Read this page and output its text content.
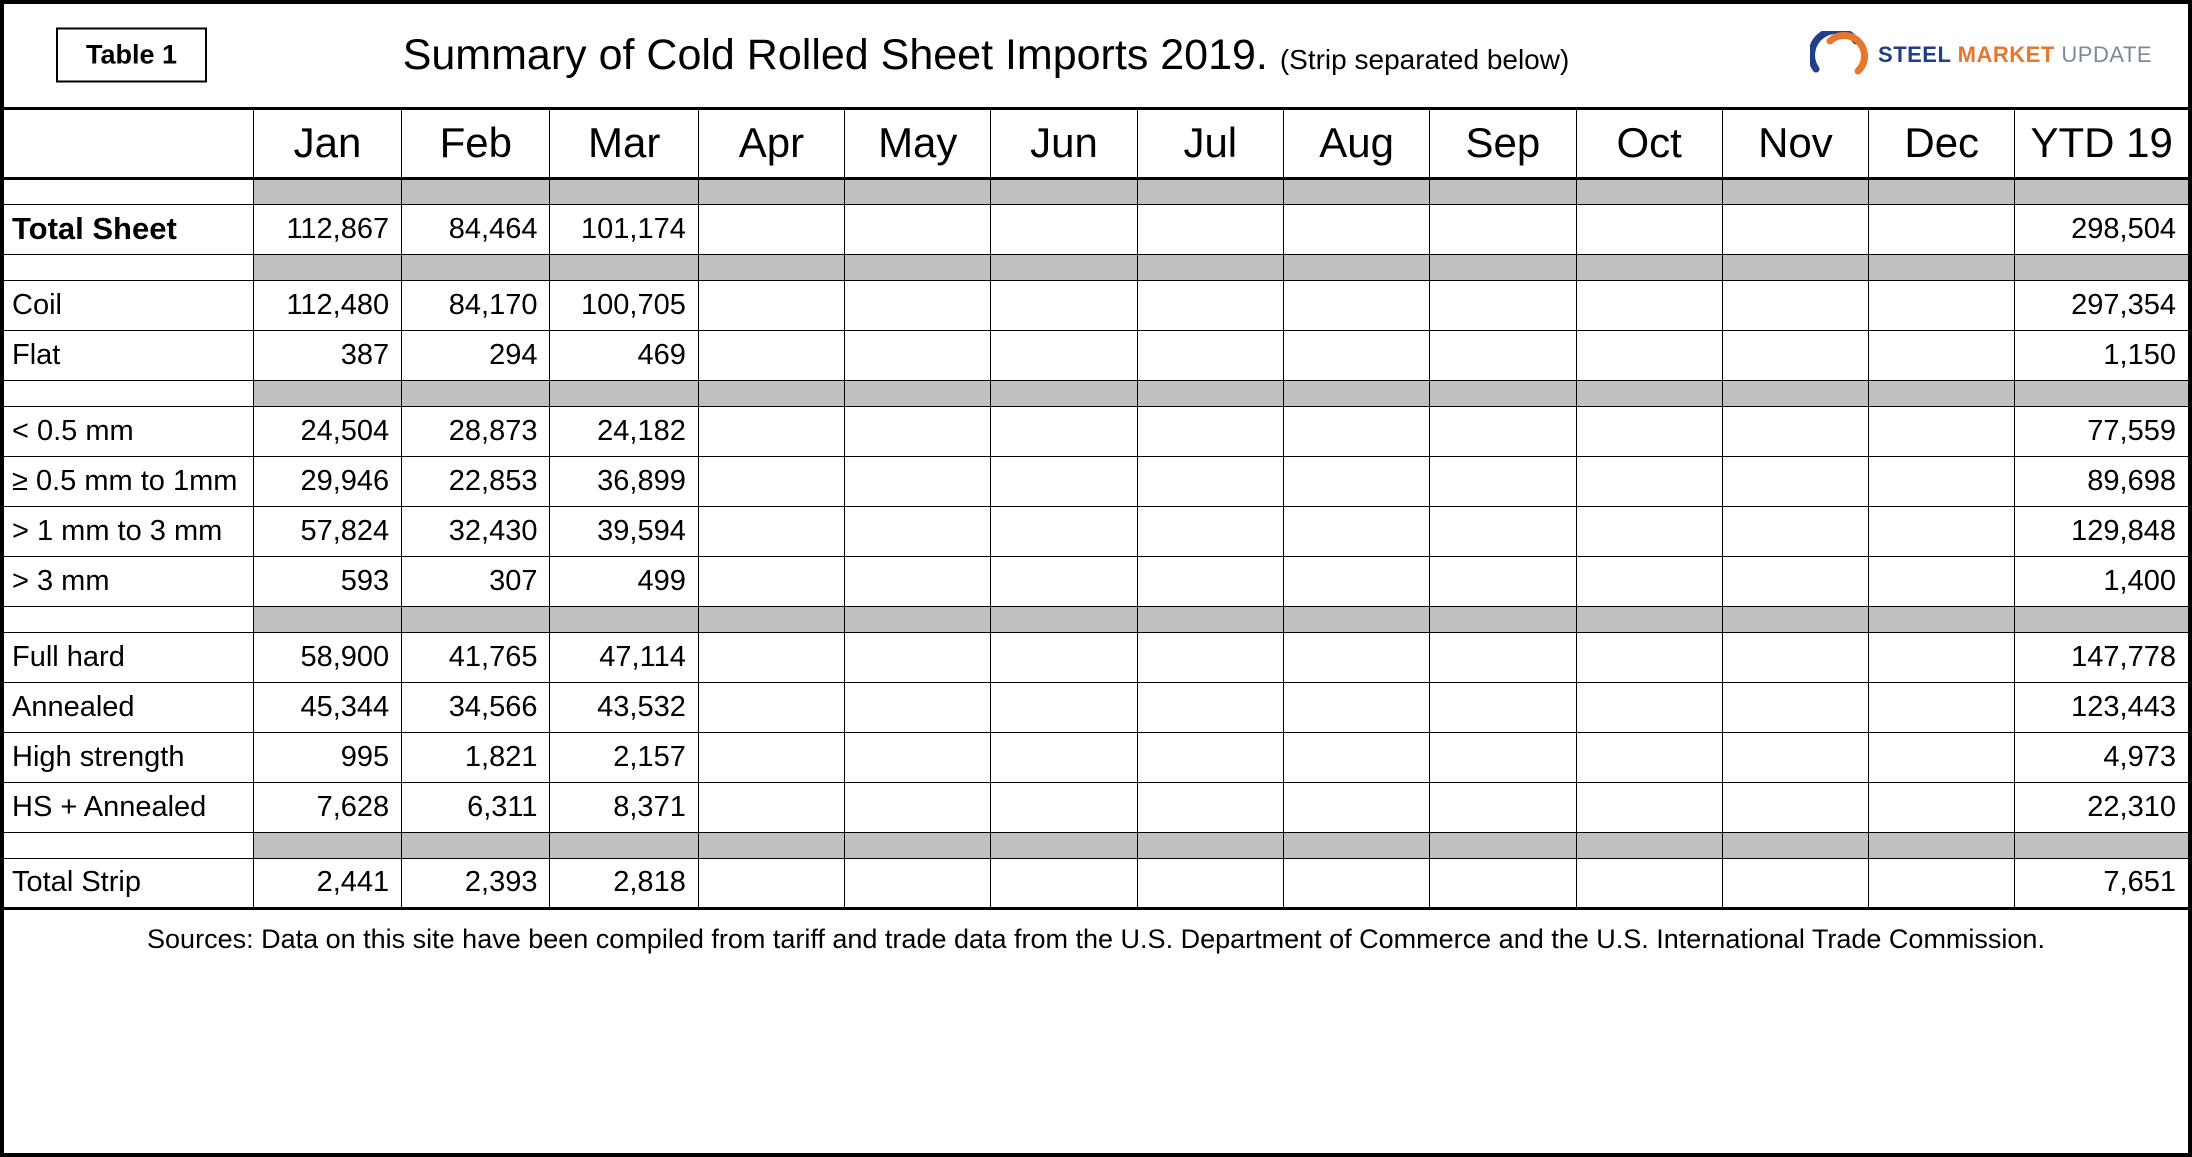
Table 1 Summary of Cold Rolled Sheet Imports 2019. (Strip separated below) STEEL MARKET UPDATE													

	Jan	Feb	Mar	Apr	May	Jun	Jul	Aug	Sep	Oct	Nov	Dec	YTD 19

Total Sheet	112,867	84,464	101,174										298,504

Coil	112,480	84,170	100,705										297,354
Flat	387	294	469										1,150

< 0.5 mm	24,504	28,873	24,182										77,559
≥ 0.5 mm to 1mm	29,946	22,853	36,899										89,698
> 1 mm to 3 mm	57,824	32,430	39,594										129,848
> 3 mm	593	307	499										1,400

Full hard	58,900	41,765	47,114										147,778
Annealed	45,344	34,566	43,532										123,443
High strength	995	1,821	2,157										4,973
HS + Annealed	7,628	6,311	8,371										22,310

Total Strip	2,441	2,393	2,818										7,651
Sources: Data on this site have been compiled from tariff and trade data from the U.S. Department of Commerce and the U.S. International Trade Commission.													
